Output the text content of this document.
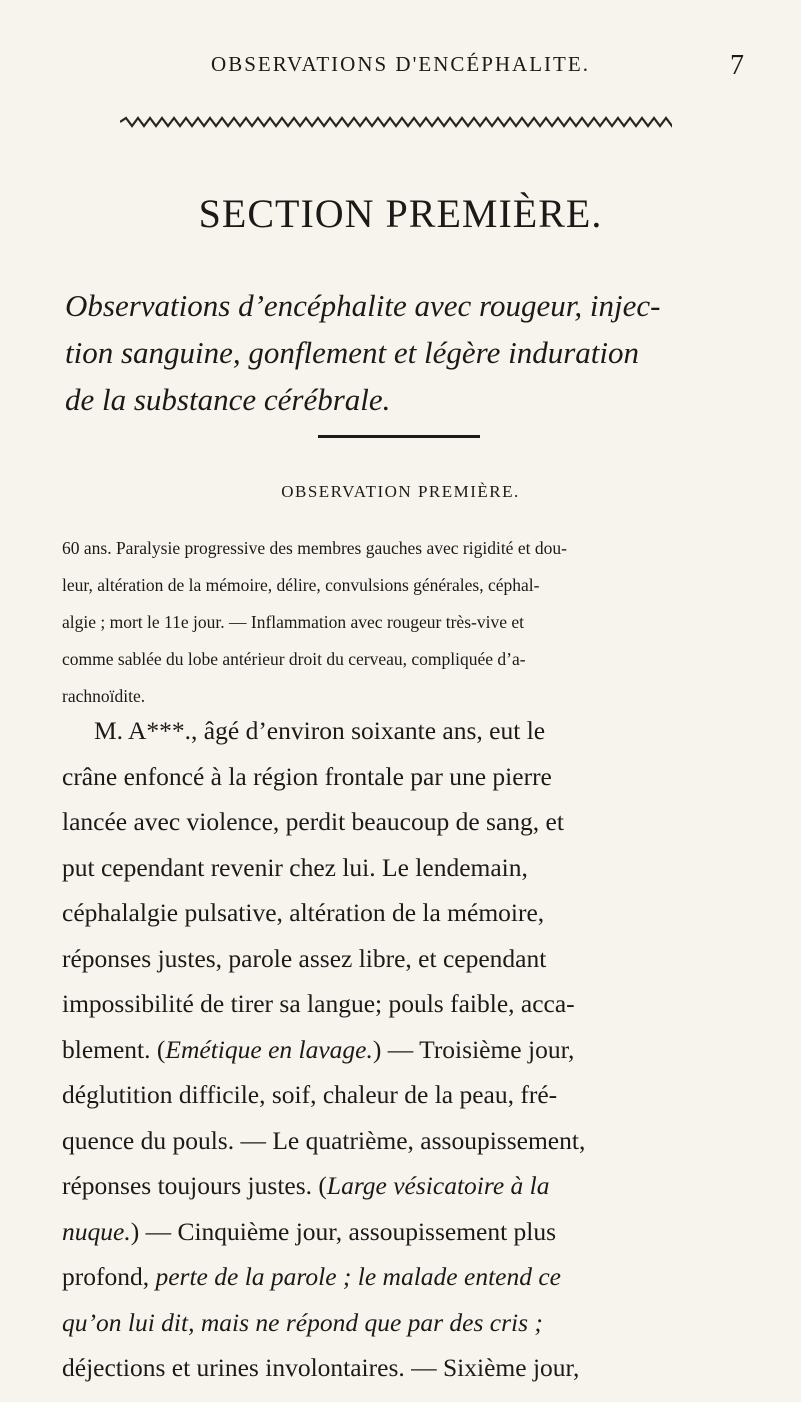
OBSERVATIONS D'ENCÉPHALITE.	7
SECTION PREMIÈRE.
Observations d’encéphalite avec rougeur, injec-
tion sanguine, gonflement et légère induration
de la substance cérébrale.
OBSERVATION PREMIÈRE.
60 ans. Paralysie progressive des membres gauches avec rigidité et dou-
leur, altération de la mémoire, délire, convulsions générales, céphal-
algie ; mort le 11e jour. — Inflammation avec rougeur très-vive et
comme sablée du lobe antérieur droit du cerveau, compliquée d’a-
rachnoïdite.
M. A***., âgé d’environ soixante ans, eut le
crâne enfoncé à la région frontale par une pierre
lancée avec violence, perdit beaucoup de sang, et
put cependant revenir chez lui. Le lendemain,
céphalalgie pulsative, altération de la mémoire,
réponses justes, parole assez libre, et cependant
impossibilité de tirer sa langue; pouls faible, acca-
blement. (Emétique en lavage.) — Troisième jour,
déglutition difficile, soif, chaleur de la peau, fré-
quence du pouls. — Le quatrième, assoupissement,
réponses toujours justes. (Large vésicatoire à la
nuque.) — Cinquième jour, assoupissement plus
profond, perte de la parole ; le malade entend ce
qu’on lui dit, mais ne répond que par des cris ;
déjections et urines involontaires. — Sixième jour,
